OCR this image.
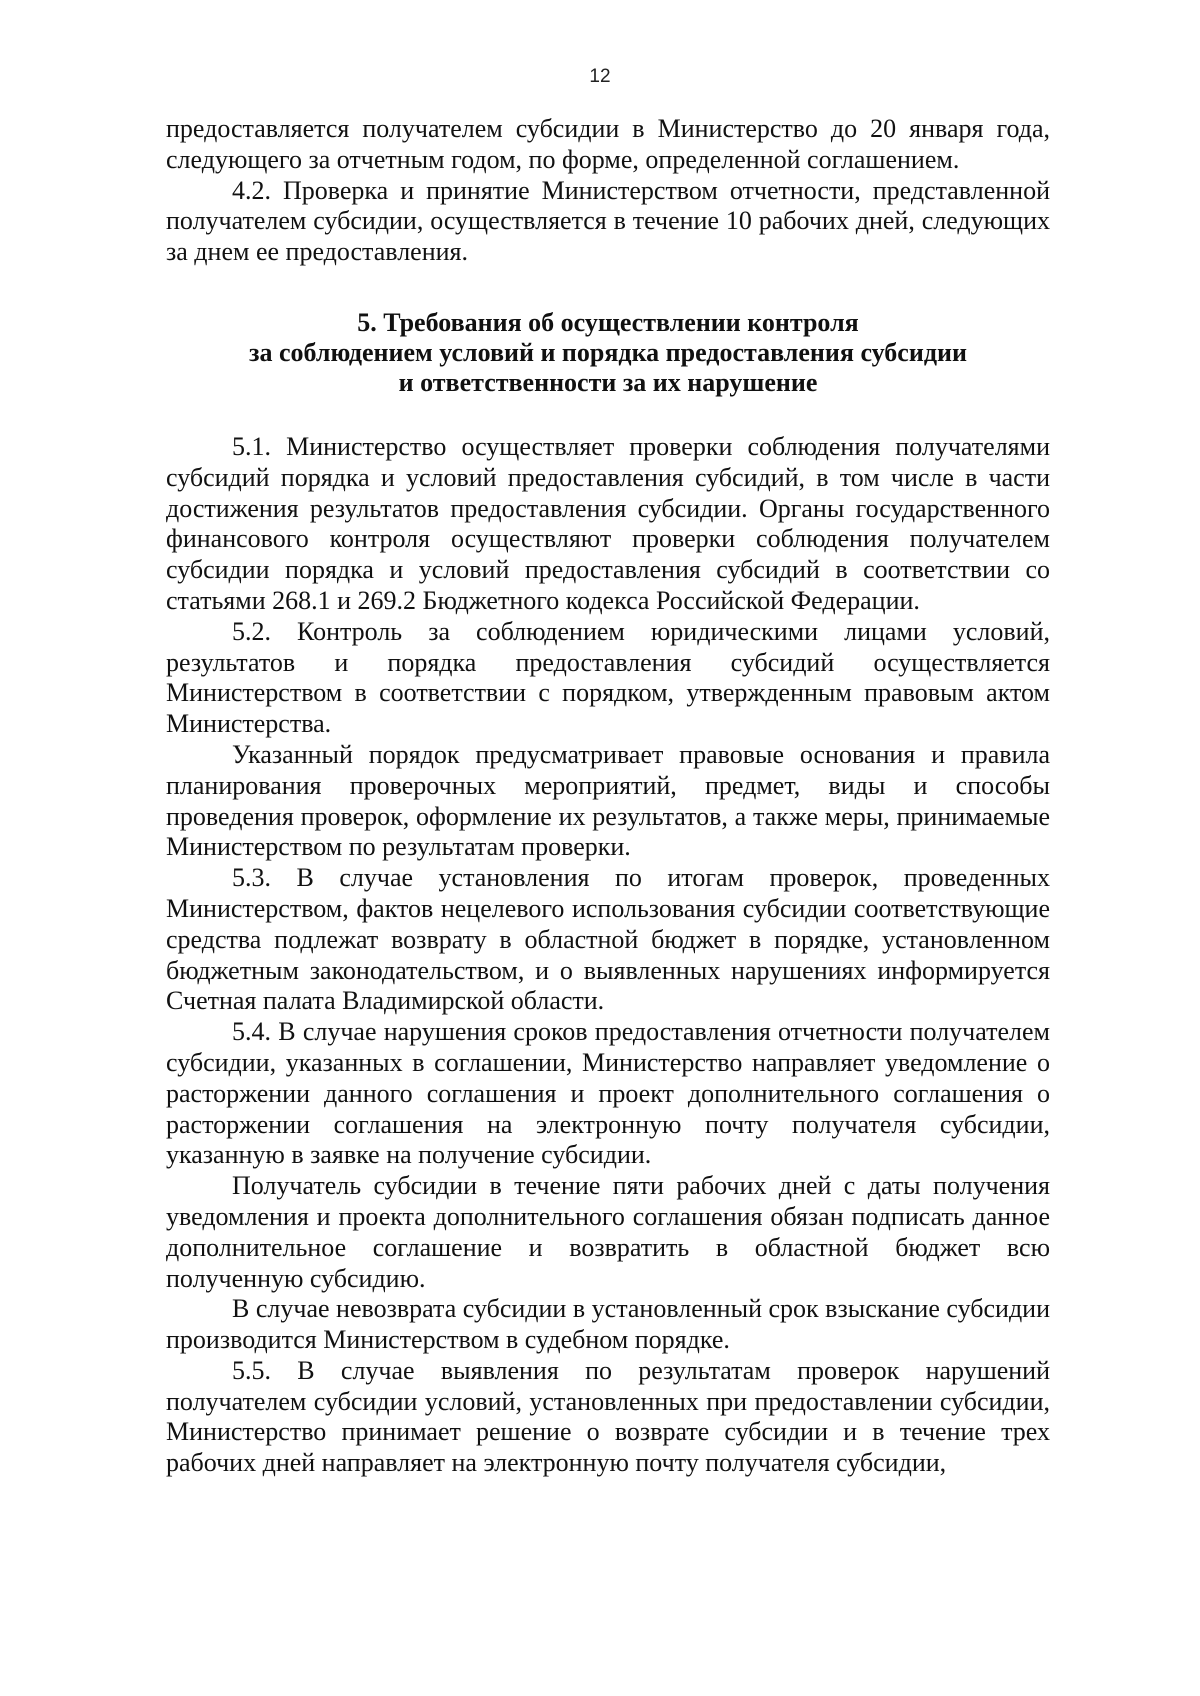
12

предоставляется получателем субсидии в Министерство до 20 января года, следующего за отчетным годом, по форме, определенной соглашением.

4.2. Проверка и принятие Министерством отчетности, представленной получателем субсидии, осуществляется в течение 10 рабочих дней, следующих за днем ее предоставления.

5. Требования об осуществлении контроля
за соблюдением условий и порядка предоставления субсидии
и ответственности за их нарушение

5.1. Министерство осуществляет проверки соблюдения получателями субсидий порядка и условий предоставления субсидий, в том числе в части достижения результатов предоставления субсидии. Органы государственного финансового контроля осуществляют проверки соблюдения получателем субсидии порядка и условий предоставления субсидий в соответствии со статьями 268.1 и 269.2 Бюджетного кодекса Российской Федерации.

5.2. Контроль за соблюдением юридическими лицами условий, результатов и порядка предоставления субсидий осуществляется Министерством в соответствии с порядком, утвержденным правовым актом Министерства.

Указанный порядок предусматривает правовые основания и правила планирования проверочных мероприятий, предмет, виды и способы проведения проверок, оформление их результатов, а также меры, принимаемые Министерством по результатам проверки.

5.3. В случае установления по итогам проверок, проведенных Министерством, фактов нецелевого использования субсидии соответствующие средства подлежат возврату в областной бюджет в порядке, установленном бюджетным законодательством, и о выявленных нарушениях информируется Счетная палата Владимирской области.

5.4. В случае нарушения сроков предоставления отчетности получателем субсидии, указанных в соглашении, Министерство направляет уведомление о расторжении данного соглашения и проект дополнительного соглашения о расторжении соглашения на электронную почту получателя субсидии, указанную в заявке на получение субсидии.

Получатель субсидии в течение пяти рабочих дней с даты получения уведомления и проекта дополнительного соглашения обязан подписать данное дополнительное соглашение и возвратить в областной бюджет всю полученную субсидию.

В случае невозврата субсидии в установленный срок взыскание субсидии производится Министерством в судебном порядке.

5.5. В случае выявления по результатам проверок нарушений получателем субсидии условий, установленных при предоставлении субсидии, Министерство принимает решение о возврате субсидии и в течение трех рабочих дней направляет на электронную почту получателя субсидии,
